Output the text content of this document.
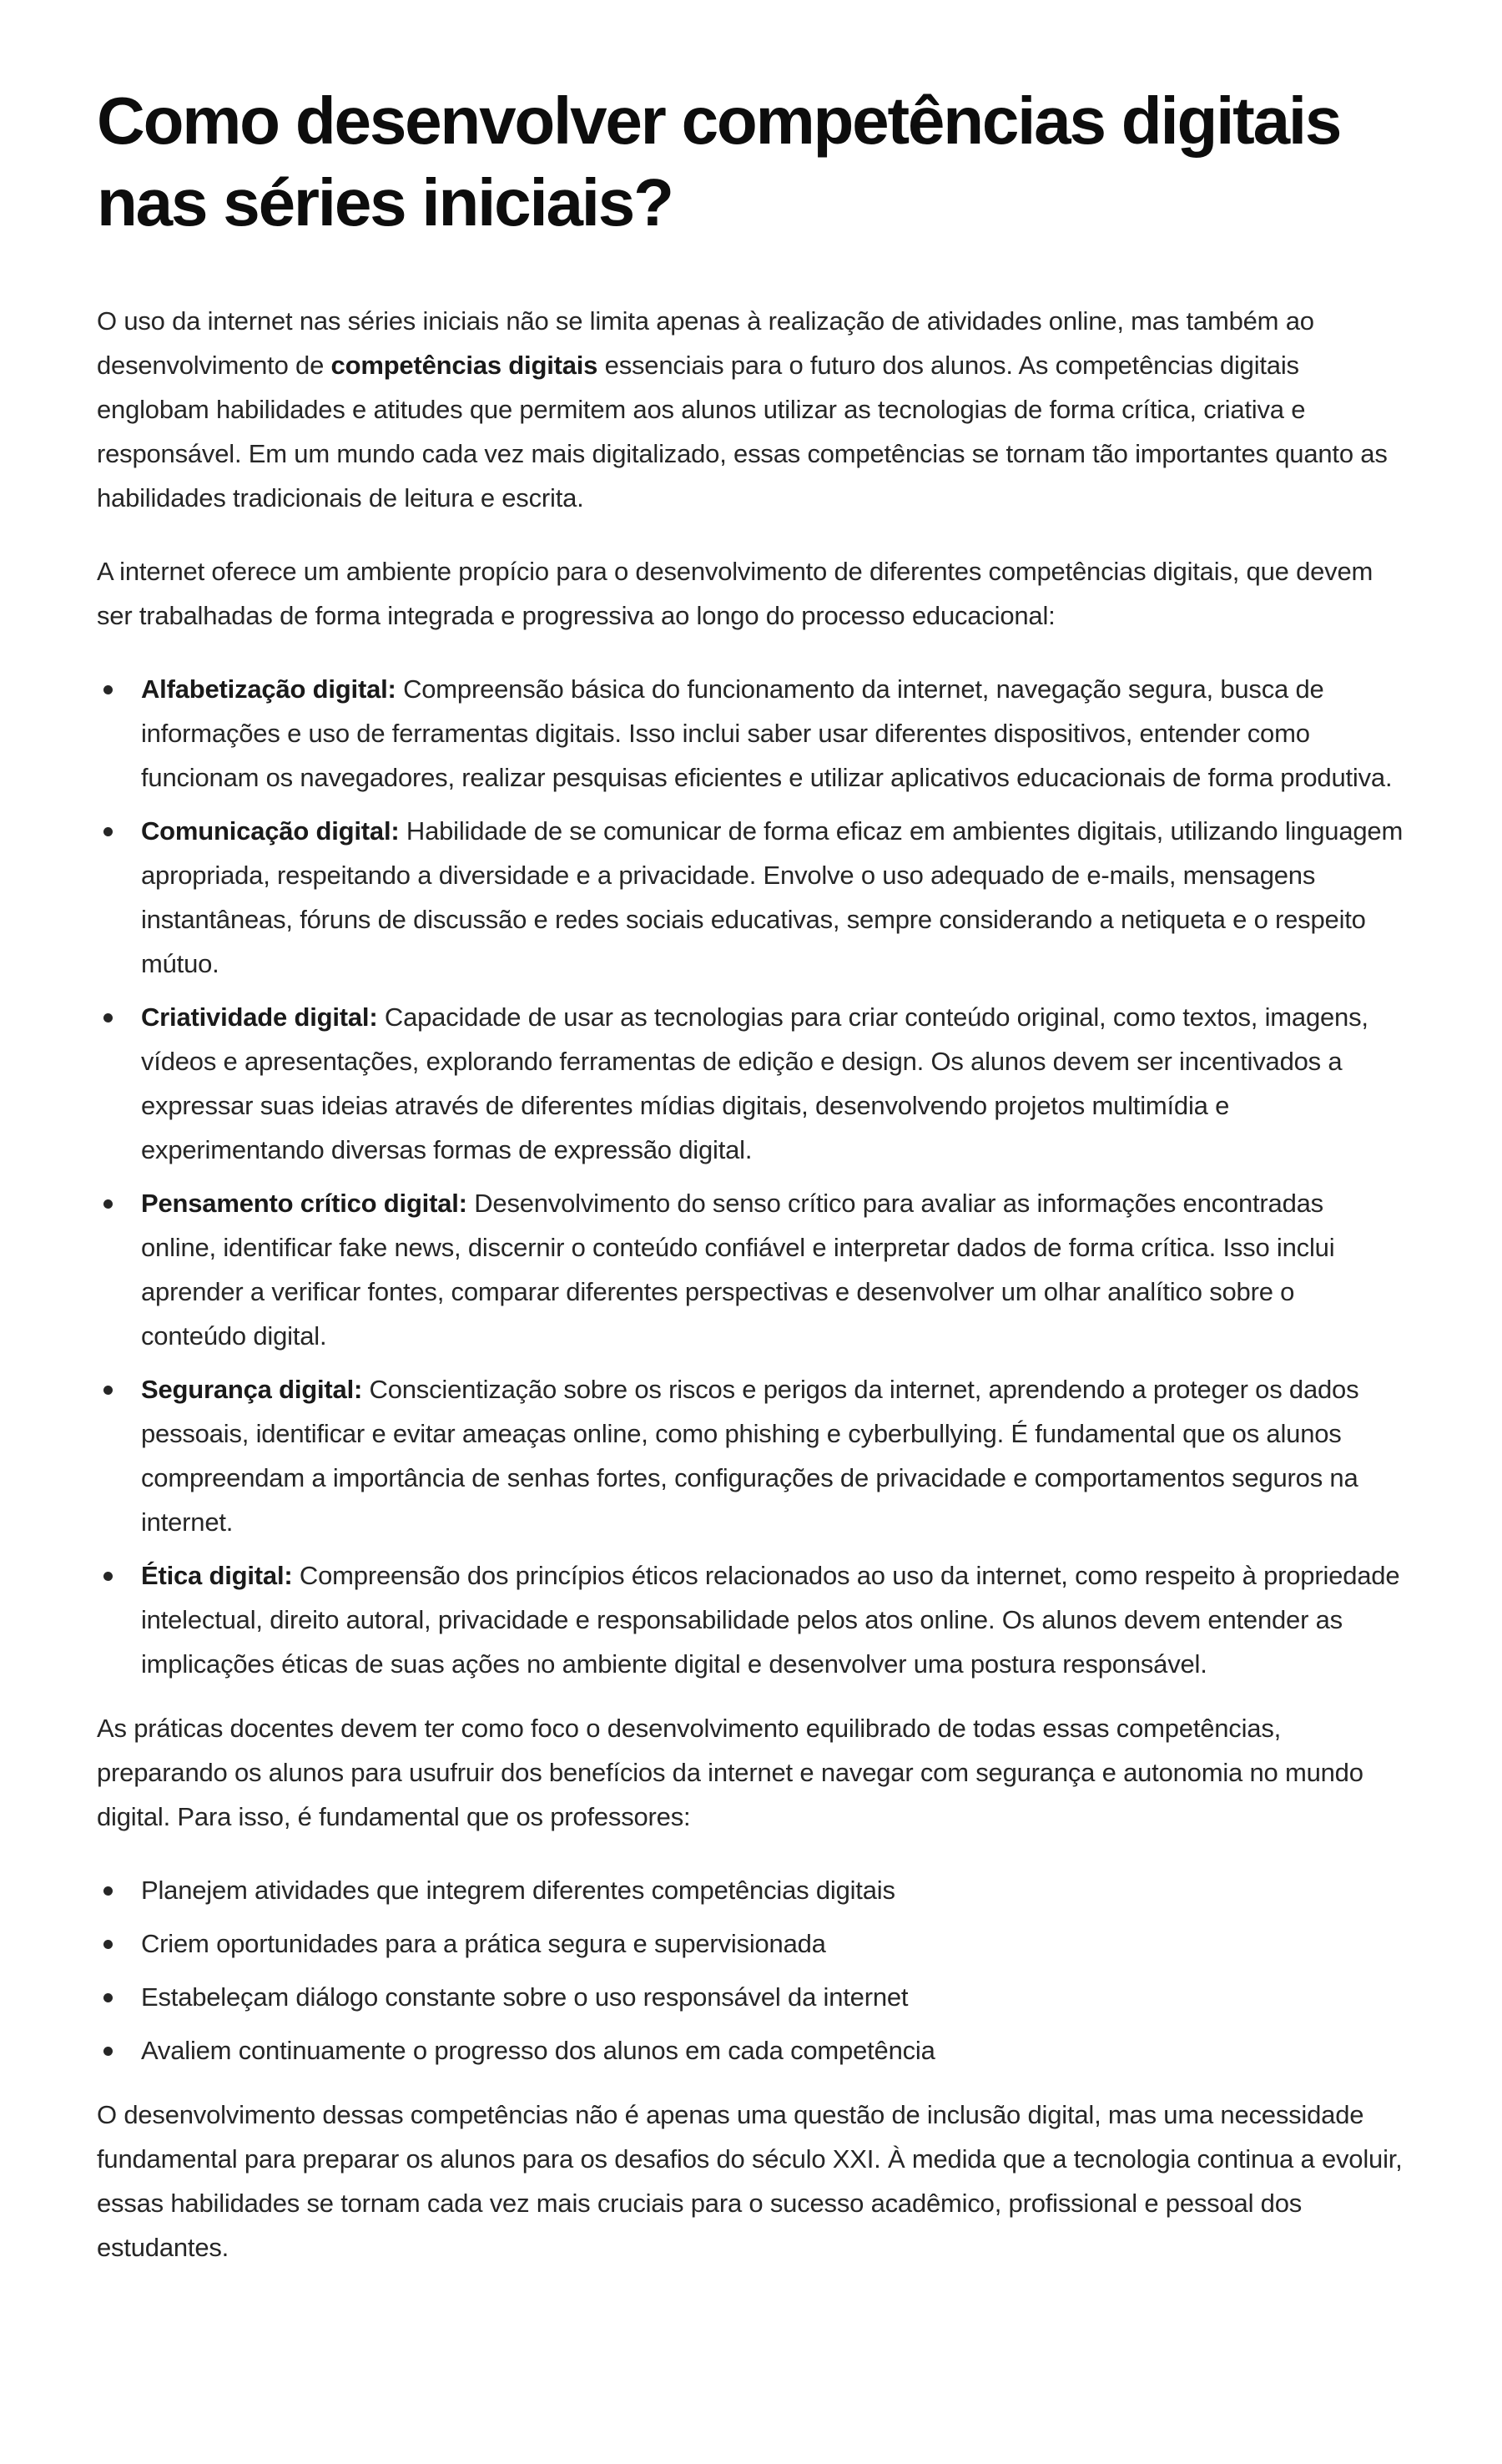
Como desenvolver competências digitais nas séries iniciais?

O uso da internet nas séries iniciais não se limita apenas à realização de atividades online, mas também ao desenvolvimento de competências digitais essenciais para o futuro dos alunos. As competências digitais englobam habilidades e atitudes que permitem aos alunos utilizar as tecnologias de forma crítica, criativa e responsável. Em um mundo cada vez mais digitalizado, essas competências se tornam tão importantes quanto as habilidades tradicionais de leitura e escrita.

A internet oferece um ambiente propício para o desenvolvimento de diferentes competências digitais, que devem ser trabalhadas de forma integrada e progressiva ao longo do processo educacional:

Alfabetização digital: Compreensão básica do funcionamento da internet, navegação segura, busca de informações e uso de ferramentas digitais. Isso inclui saber usar diferentes dispositivos, entender como funcionam os navegadores, realizar pesquisas eficientes e utilizar aplicativos educacionais de forma produtiva.
Comunicação digital: Habilidade de se comunicar de forma eficaz em ambientes digitais, utilizando linguagem apropriada, respeitando a diversidade e a privacidade. Envolve o uso adequado de e-mails, mensagens instantâneas, fóruns de discussão e redes sociais educativas, sempre considerando a netiqueta e o respeito mútuo.
Criatividade digital: Capacidade de usar as tecnologias para criar conteúdo original, como textos, imagens, vídeos e apresentações, explorando ferramentas de edição e design. Os alunos devem ser incentivados a expressar suas ideias através de diferentes mídias digitais, desenvolvendo projetos multimídia e experimentando diversas formas de expressão digital.
Pensamento crítico digital: Desenvolvimento do senso crítico para avaliar as informações encontradas online, identificar fake news, discernir o conteúdo confiável e interpretar dados de forma crítica. Isso inclui aprender a verificar fontes, comparar diferentes perspectivas e desenvolver um olhar analítico sobre o conteúdo digital.
Segurança digital: Conscientização sobre os riscos e perigos da internet, aprendendo a proteger os dados pessoais, identificar e evitar ameaças online, como phishing e cyberbullying. É fundamental que os alunos compreendam a importância de senhas fortes, configurações de privacidade e comportamentos seguros na internet.
Ética digital: Compreensão dos princípios éticos relacionados ao uso da internet, como respeito à propriedade intelectual, direito autoral, privacidade e responsabilidade pelos atos online. Os alunos devem entender as implicações éticas de suas ações no ambiente digital e desenvolver uma postura responsável.

As práticas docentes devem ter como foco o desenvolvimento equilibrado de todas essas competências, preparando os alunos para usufruir dos benefícios da internet e navegar com segurança e autonomia no mundo digital. Para isso, é fundamental que os professores:

Planejem atividades que integrem diferentes competências digitais
Criem oportunidades para a prática segura e supervisionada
Estabeleçam diálogo constante sobre o uso responsável da internet
Avaliem continuamente o progresso dos alunos em cada competência

O desenvolvimento dessas competências não é apenas uma questão de inclusão digital, mas uma necessidade fundamental para preparar os alunos para os desafios do século XXI. À medida que a tecnologia continua a evoluir, essas habilidades se tornam cada vez mais cruciais para o sucesso acadêmico, profissional e pessoal dos estudantes.
